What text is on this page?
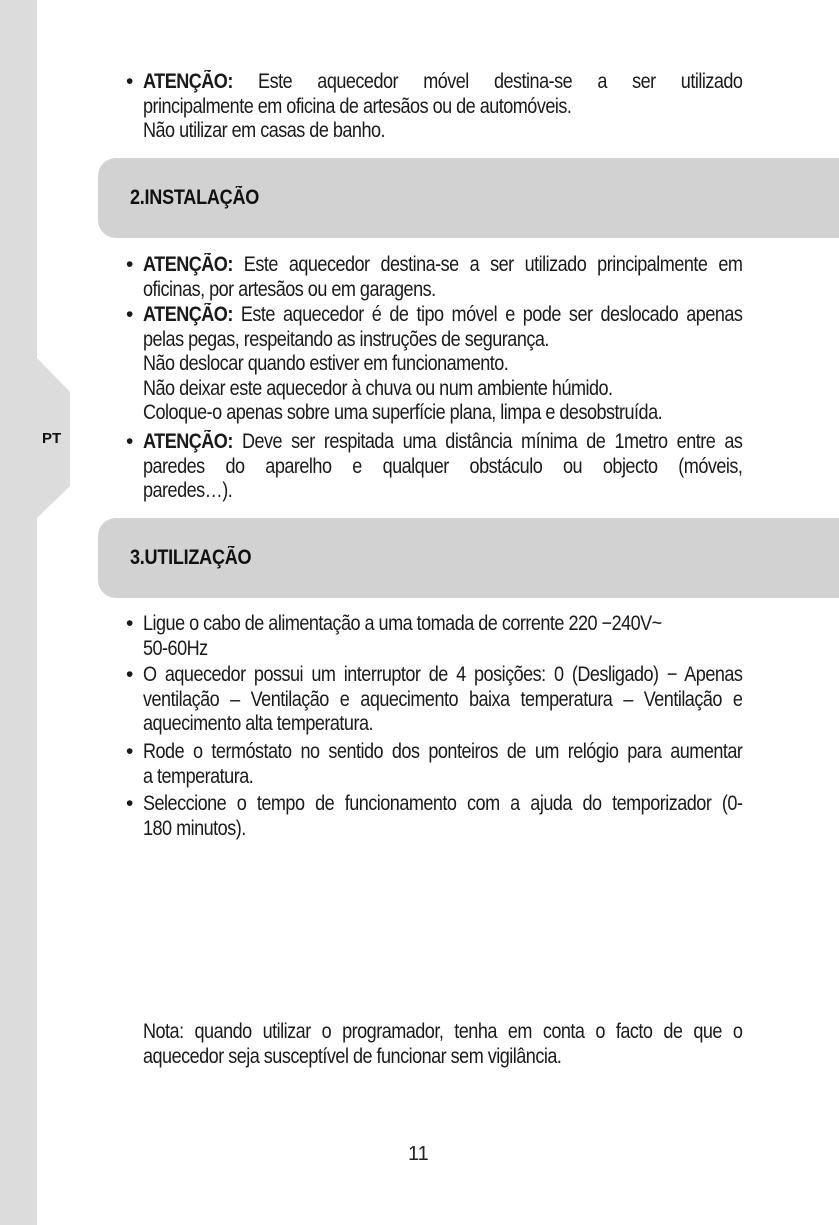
PT
• ATENÇÃO: Este aquecedor móvel destina-se a ser utilizado
principalmente em oficina de artesãos ou de automóveis.
Não utilizar em casas de banho.
2.INSTALAÇÃO
• ATENÇÃO: Este aquecedor destina-se a ser utilizado principalmente em
oficinas, por artesãos ou em garagens.
• ATENÇÃO: Este aquecedor é de tipo móvel e pode ser deslocado apenas
pelas pegas, respeitando as instruções de segurança.
Não deslocar quando estiver em funcionamento.
Não deixar este aquecedor à chuva ou num ambiente húmido.
Coloque-o apenas sobre uma superfície plana, limpa e desobstruída.
• ATENÇÃO: Deve ser respitada uma distância mínima de 1metro entre as
paredes do aparelho e qualquer obstáculo ou objecto (móveis,
paredes…).
3.UTILIZAÇÃO
• Ligue o cabo de alimentação a uma tomada de corrente 220 −240V~
50-60Hz
• O aquecedor possui um interruptor de 4 posições: 0 (Desligado) − Apenas
ventilação – Ventilação e aquecimento baixa temperatura – Ventilação e
aquecimento alta temperatura.
• Rode o termóstato no sentido dos ponteiros de um relógio para aumentar
a temperatura.
• Seleccione o tempo de funcionamento com a ajuda do temporizador (0-
180 minutos).
Nota: quando utilizar o programador, tenha em conta o facto de que o
aquecedor seja susceptível de funcionar sem vigilância.
11
